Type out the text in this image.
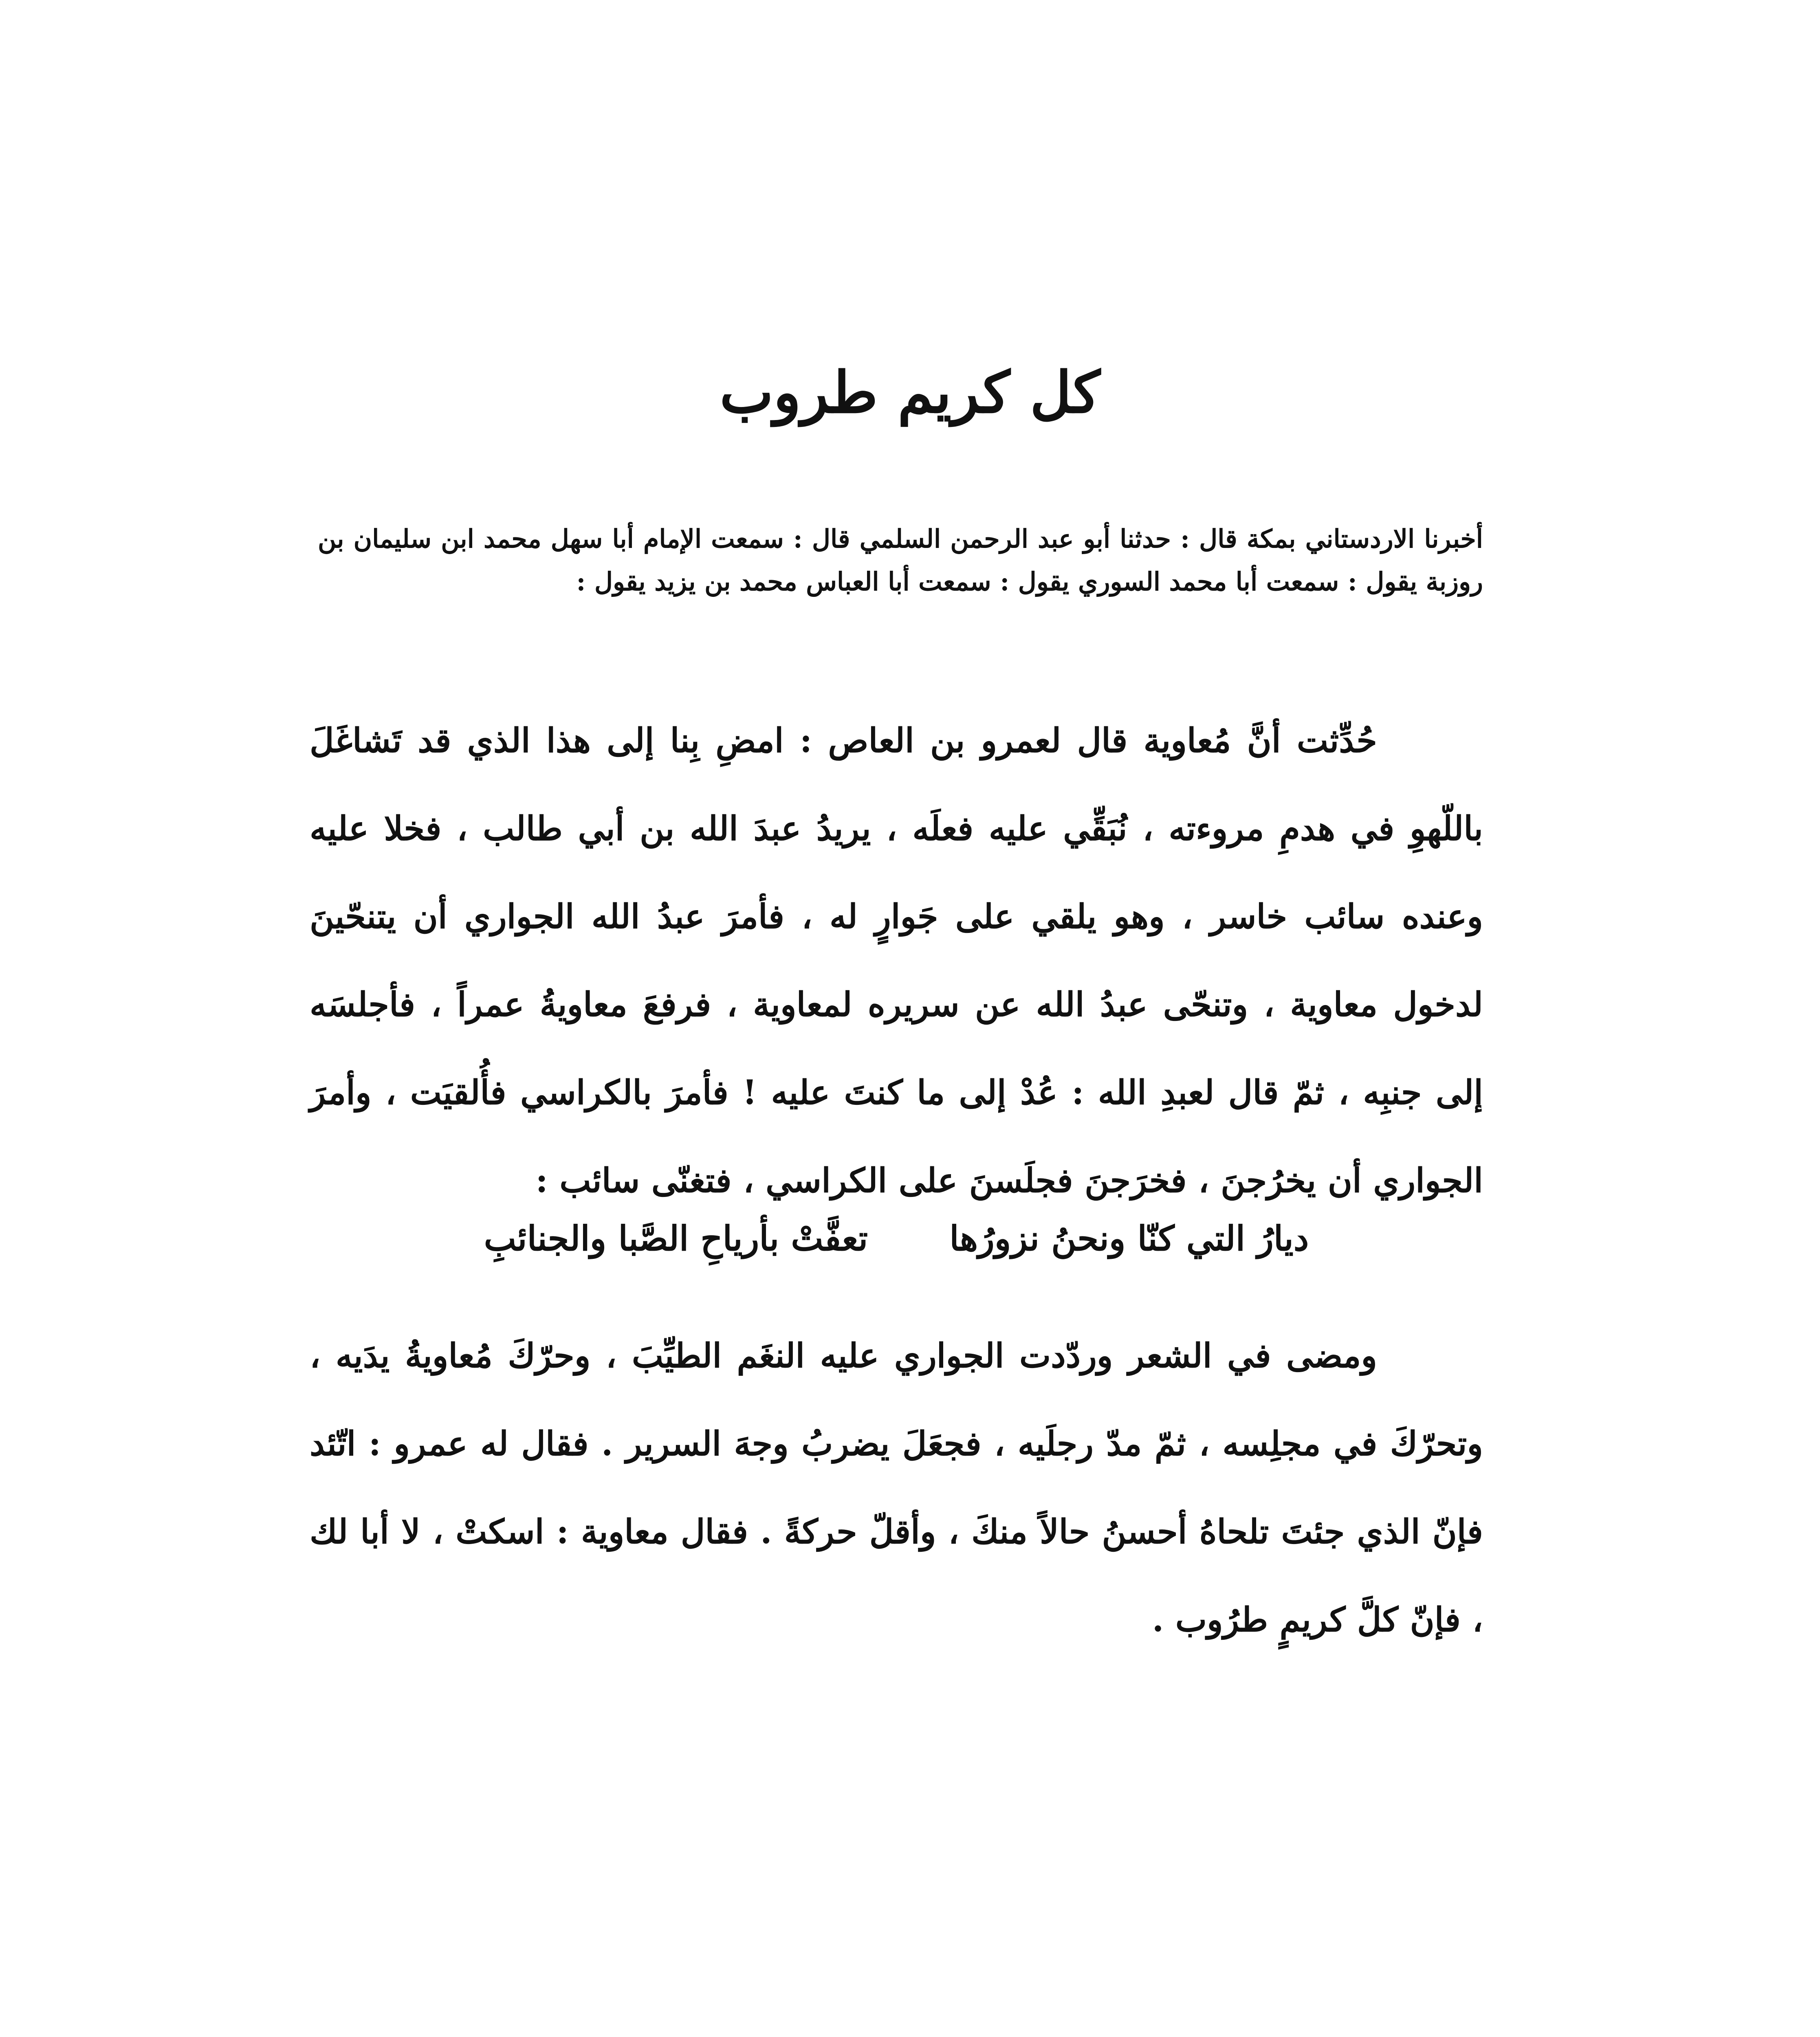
كل كريم طروب

أخبرنا الاردستاني بمكة قال : حدثنا أبو عبد الرحمن السلمي قال : سمعت الإمام أبا سهل محمد ابن سليمان بن روزبة يقول : سمعت أبا محمد السوري يقول : سمعت أبا العباس محمد بن يزيد يقول :

حُدِّثت أنَّ مُعاوية قال لعمرو بن العاص : امضِ بِنا إلى هذا الذي قد تَشاغَلَ باللّهوِ في هدمِ مروءته ، نُبَقِّي عليه فعلَه ، يريدُ عبدَ الله بن أبي طالب ، فخلا عليه وعنده سائب خاسر ، وهو يلقي على جَوارٍ له ، فأمرَ عبدُ الله الجواري أن يتنحّينَ لدخول معاوية ، وتنحّى عبدُ الله عن سريره لمعاوية ، فرفعَ معاويةُ عمراً ، فأجلسَه إلى جنبِه ، ثمّ قال لعبدِ الله : عُدْ إلى ما كنتَ عليه ! فأمرَ بالكراسي فأُلقيَت ، وأمرَ الجواري أن يخرُجنَ ، فخرَجنَ فجلَسنَ على الكراسي ، فتغنّى سائب :

ديارُ التي كنّا ونحنُ نزورُها
تعفَّتْ بأرياحِ الصَّبا والجنائبِ

ومضى في الشعر وردّدت الجواري عليه النغَم الطيِّبَ ، وحرّكَ مُعاويةُ يدَيه ، وتحرّكَ في مجلِسه ، ثمّ مدّ رجلَيه ، فجعَلَ يضربُ وجهَ السرير . فقال له عمرو : اتّئد فإنّ الذي جئتَ تلحاهُ أحسنُ حالاً منكَ ، وأقلّ حركةً . فقال معاوية : اسكتْ ، لا أبا لك ، فإنّ كلَّ كريمٍ طرُوب .
